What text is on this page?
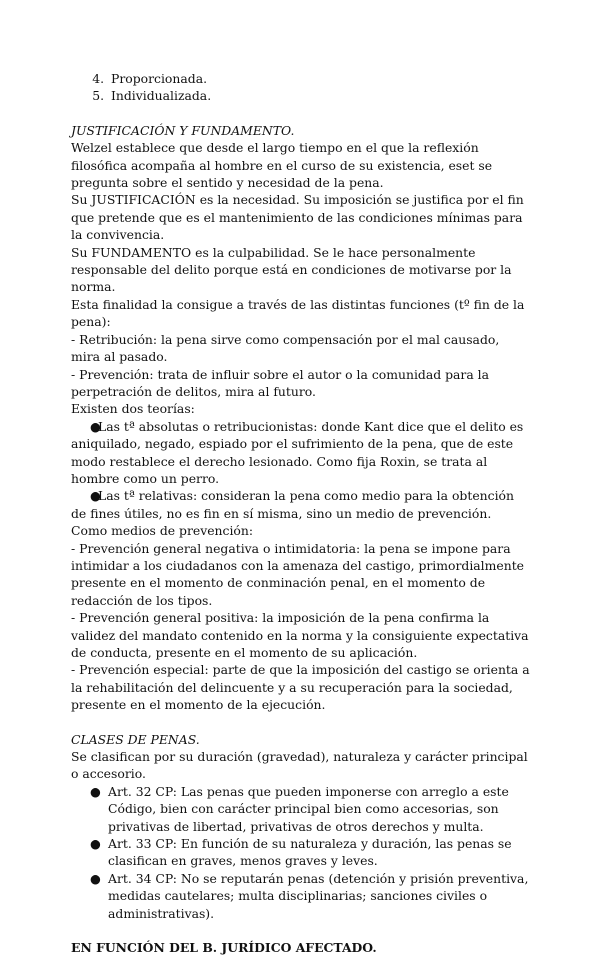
4. Proporcionada.
5. Individualizada.

JUSTIFICACIÓN Y FUNDAMENTO.

Welzel establece que desde el largo tiempo en el que la reflexión filosófica acompaña al hombre en el curso de su existencia, eset se pregunta sobre el sentido y necesidad de la pena.

Su JUSTIFICACIÓN es la necesidad. Su imposición se justifica por el fin que pretende que es el mantenimiento de las condiciones mínimas para la convivencia.

Su FUNDAMENTO es la culpabilidad. Se le hace personalmente responsable del delito porque está en condiciones de motivarse por la norma.

Esta finalidad la consigue a través de las distintas funciones (tº fin de la pena):

- Retribución: la pena sirve como compensación por el mal causado, mira al pasado.

- Prevención: trata de influir sobre el autor o la comunidad para la perpetración de delitos, mira al futuro.

Existen dos teorías:

●
Las tª absolutas o retribucionistas: donde Kant dice que el delito es aniquilado, negado, espiado por el sufrimiento de la pena, que de este modo restablece el derecho lesionado. Como fija Roxin, se trata al hombre como un perro.
●
Las tª relativas: consideran la pena como medio para la obtención de fines útiles, no es fin en sí misma, sino un medio de prevención.

Como medios de prevención:

- Prevención general negativa o intimidatoria: la pena se impone para intimidar a los ciudadanos con la amenaza del castigo, primordialmente presente en el momento de conminación penal, en el momento de redacción de los tipos.

- Prevención general positiva: la imposición de la pena confirma la validez del mandato contenido en la norma y la consiguiente expectativa de conducta, presente en el momento de su aplicación.

- Prevención especial: parte de que la imposición del castigo se orienta a la rehabilitación del delincuente y a su recuperación para la sociedad, presente en el momento de la ejecución.

CLASES DE PENAS.

Se clasifican por su duración (gravedad), naturaleza y carácter principal o accesorio.

● Art. 32 CP: Las penas que pueden imponerse con arreglo a este Código, bien con carácter principal bien como accesorias, son privativas de libertad, privativas de otros derechos y multa.
● Art. 33 CP: En función de su naturaleza y duración, las penas se clasifican en graves, menos graves y leves.
● Art. 34 CP: No se reputarán penas (detención y prisión preventiva, medidas cautelares; multa disciplinarias; sanciones civiles o administrativas).

EN FUNCIÓN DEL B. JURÍDICO AFECTADO.
